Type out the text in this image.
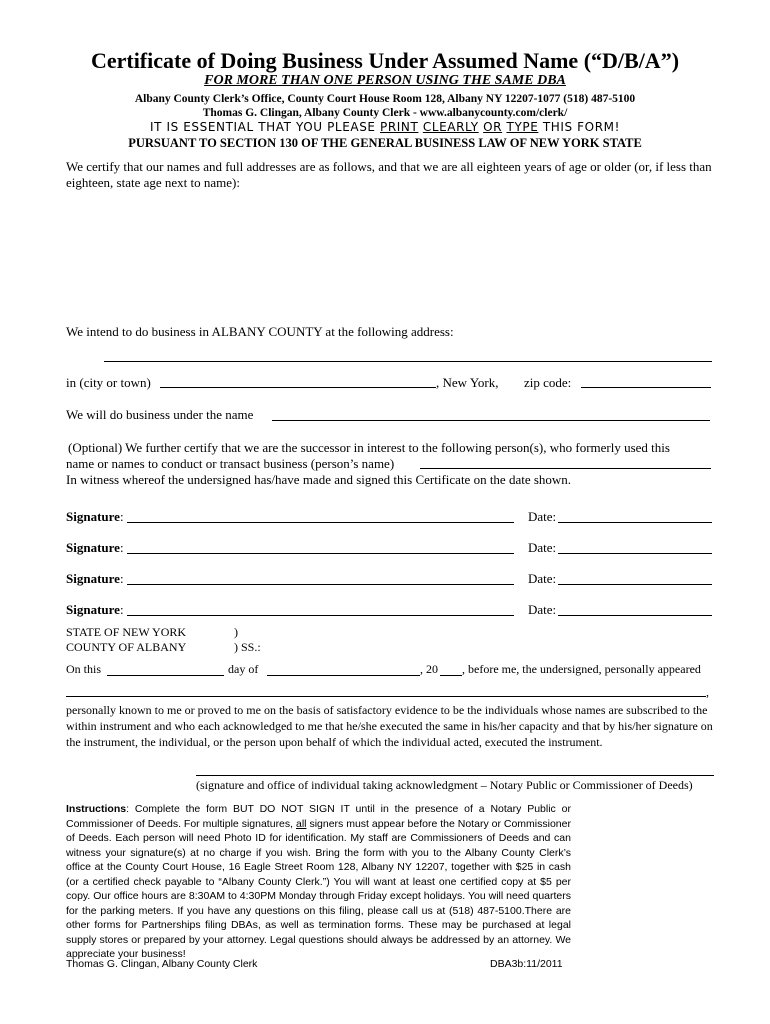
Certificate of Doing Business Under Assumed Name (“D/B/A”)
FOR MORE THAN ONE PERSON USING THE SAME DBA
Albany County Clerk’s Office, County Court House Room 128, Albany NY 12207-1077 (518) 487-5100
Thomas G. Clingan, Albany County Clerk - www.albanycounty.com/clerk/
IT IS ESSENTIAL THAT YOU PLEASE PRINT CLEARLY OR TYPE THIS FORM!
PURSUANT TO SECTION 130 OF THE GENERAL BUSINESS LAW OF NEW YORK STATE
We certify that our names and full addresses are as follows, and that we are all eighteen years of age or older (or, if less than eighteen, state age next to name):
We intend to do business in ALBANY COUNTY at the following address:
in (city or town)	, New York, zip code:
We will do business under the name
(Optional) We further certify that we are the successor in interest to the following person(s), who formerly used this
name or names to conduct or transact business (person’s name)
In witness whereof the undersigned has/have made and signed this Certificate on the date shown.
Signature:	Date:
Signature:	Date:
Signature:	Date:
Signature:	Date:
STATE OF NEW YORK	)
COUNTY OF ALBANY	) SS.:
On this	day of	, 20 , before me, the undersigned, personally appeared
,
personally known to me or proved to me on the basis of satisfactory evidence to be the individuals whose names are subscribed to the within instrument and who each acknowledged to me that he/she executed the same in his/her capacity and that by his/her signature on the instrument, the individual, or the person upon behalf of which the individual acted, executed the instrument.
(signature and office of individual taking acknowledgment – Notary Public or Commissioner of Deeds)
Instructions: Complete the form BUT DO NOT SIGN IT until in the presence of a Notary Public or Commissioner of Deeds. For multiple signatures, all signers must appear before the Notary or Commissioner of Deeds. Each person will need Photo ID for identification. My staff are Commissioners of Deeds and can witness your signature(s) at no charge if you wish. Bring the form with you to the Albany County Clerk’s office at the County Court House, 16 Eagle Street Room 128, Albany NY 12207, together with $25 in cash (or a certified check payable to “Albany County Clerk.”) You will want at least one certified copy at $5 per copy. Our office hours are 8:30AM to 4:30PM Monday through Friday except holidays. You will need quarters for the parking meters. If you have any questions on this filing, please call us at (518) 487-5100.There are other forms for Partnerships filing DBAs, as well as termination forms. These may be purchased at legal supply stores or prepared by your attorney. Legal questions should always be addressed by an attorney. We appreciate your business!
Thomas G. Clingan, Albany County Clerk	DBA3b:11/2011
